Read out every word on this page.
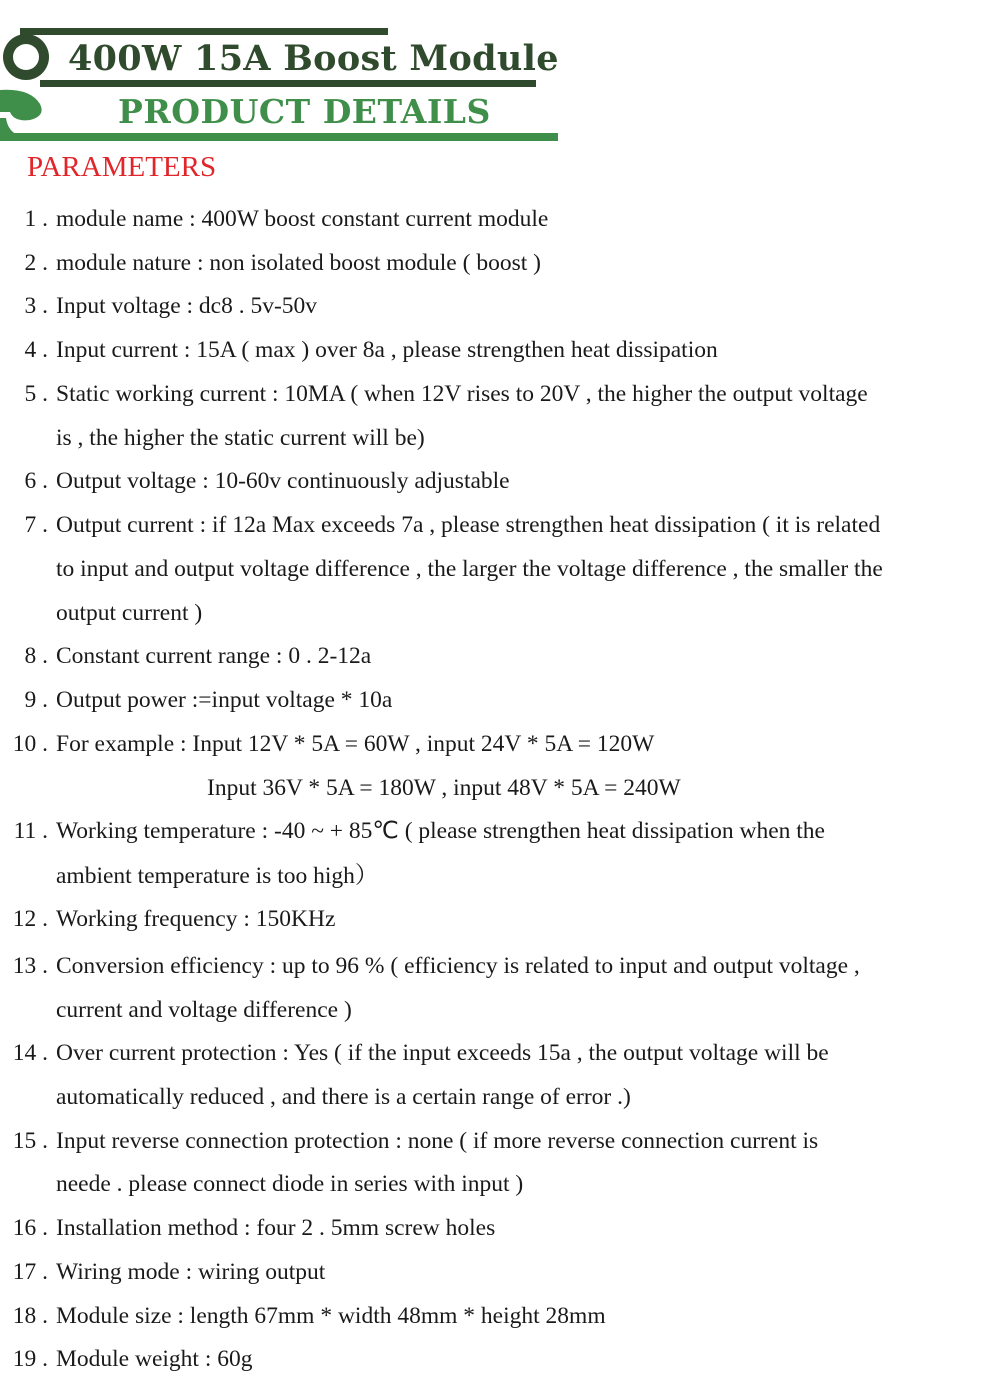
400W 15A Boost Module
PRODUCT DETAILS
PARAMETERS
1 . module name : 400W boost constant current module
2 . module nature : non isolated boost module ( boost )
3 . Input voltage : dc8 . 5v-50v
4 . Input current : 15A ( max ) over 8a , please strengthen heat dissipation
5 . Static working current : 10MA ( when 12V rises to 20V , the higher the output voltage
is , the higher the static current will be)
6 . Output voltage : 10-60v continuously adjustable
7 . Output current : if 12a Max exceeds 7a , please strengthen heat dissipation ( it is related
to input and output voltage difference , the larger the voltage difference , the smaller the
output current )
8 . Constant current range : 0 . 2-12a
9 . Output power :=input voltage * 10a
10 . For example : Input 12V * 5A = 60W , input 24V * 5A = 120W
Input 36V * 5A = 180W , input 48V * 5A = 240W
11 . Working temperature : -40 ~ + 85℃ ( please strengthen heat dissipation when the
ambient temperature is too high）
12 . Working frequency : 150KHz
13 . Conversion efficiency : up to 96 % ( efficiency is related to input and output voltage ,
current and voltage difference )
14 . Over current protection : Yes ( if the input exceeds 15a , the output voltage will be
automatically reduced , and there is a certain range of error .)
15 . Input reverse connection protection : none ( if more reverse connection current is
neede . please connect diode in series with input )
16 . Installation method : four 2 . 5mm screw holes
17 . Wiring mode : wiring output
18 . Module size : length 67mm * width 48mm * height 28mm
19 . Module weight : 60g
